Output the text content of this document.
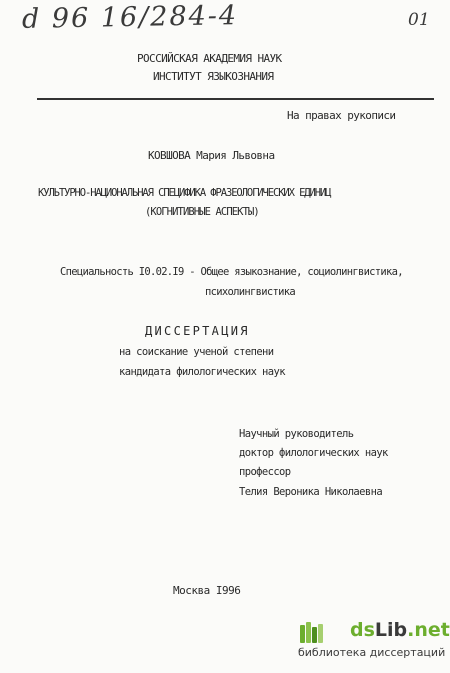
d 96 16/284-4	01
РОССИЙСКАЯ АКАДЕМИЯ НАУК
ИНСТИТУТ ЯЗЫКОЗНАНИЯ
На правах рукописи
КОВШОВА Мария Львовна
КУЛЬТУРНО-НАЦИОНАЛЬНАЯ СПЕЦИФИКА ФРАЗЕОЛОГИЧЕСКИХ ЕДИНИЦ
(КОГНИТИВНЫЕ АСПЕКТЫ)
Специальность I0.02.I9 - Общее языкознание, социолингвистика,
психолингвистика
ДИССЕРТАЦИЯ
на соискание ученой степени
кандидата филологических наук
Научный руководитель
доктор филологических наук
профессор
Телия Вероника Николаевна
Москва I996
dsLib.net
библиотека диссертаций
